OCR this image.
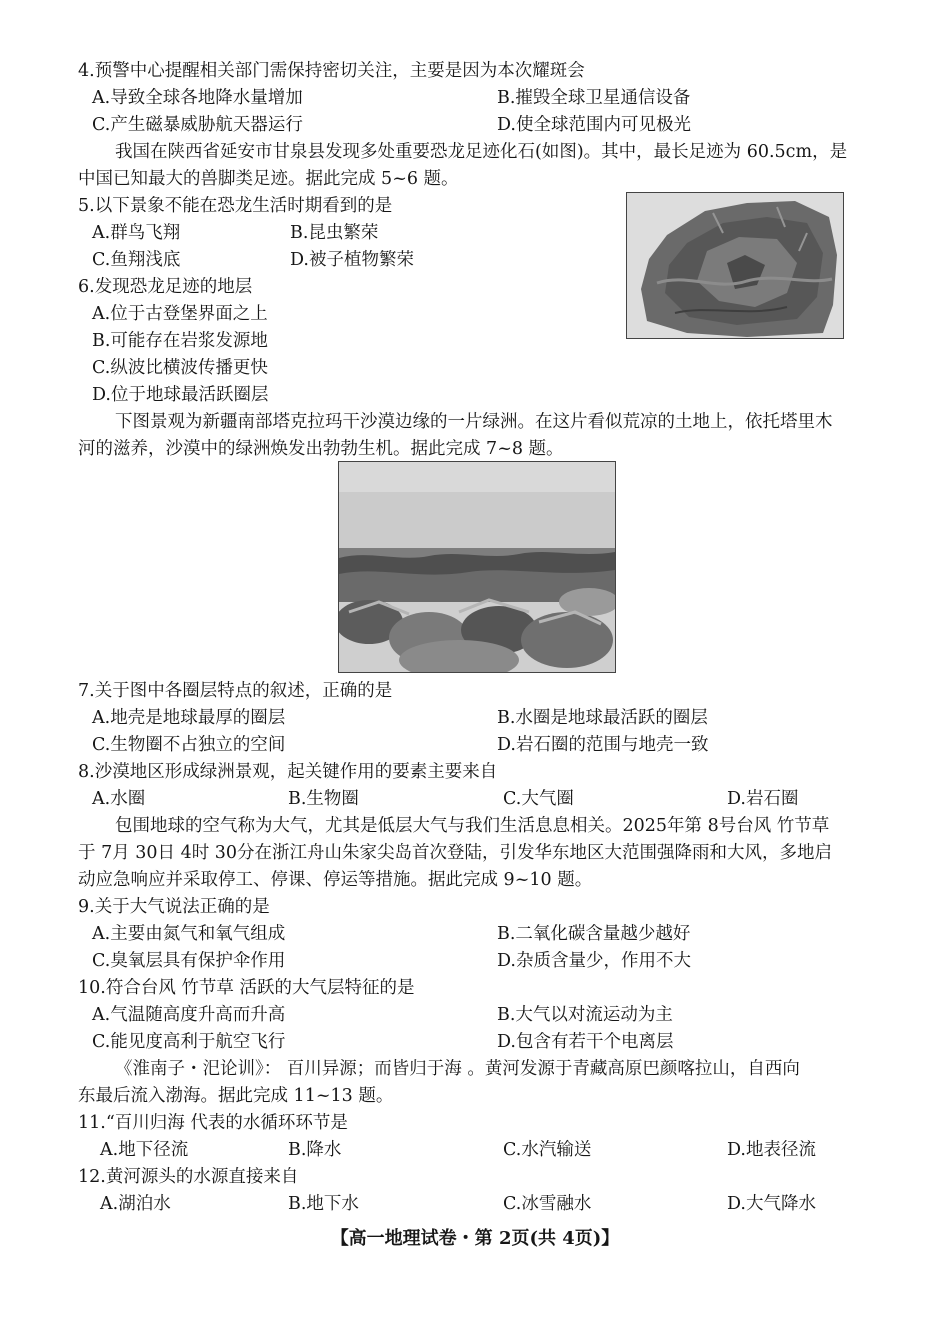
4.预警中心提醒相关部门需保持密切关注，主要是因为本次耀斑会
A.导致全球各地降水量增加	B.摧毁全球卫星通信设备
C.产生磁暴威胁航天器运行	D.使全球范围内可见极光
我国在陕西省延安市甘泉县发现多处重要恐龙足迹化石(如图)。其中，最长足迹为 60.5cm，是
中国已知最大的兽脚类足迹。据此完成 5~6 题。
5.以下景象不能在恐龙生活时期看到的是
A.群鸟飞翔	B.昆虫繁荣
C.鱼翔浅底	D.被子植物繁荣
6.发现恐龙足迹的地层
A.位于古登堡界面之上
B.可能存在岩浆发源地
C.纵波比横波传播更快
D.位于地球最活跃圈层
下图景观为新疆南部塔克拉玛干沙漠边缘的一片绿洲。在这片看似荒凉的土地上，依托塔里木
河的滋养，沙漠中的绿洲焕发出勃勃生机。据此完成 7~8 题。
7.关于图中各圈层特点的叙述，正确的是
A.地壳是地球最厚的圈层	B.水圈是地球最活跃的圈层
C.生物圈不占独立的空间	D.岩石圈的范围与地壳一致
8.沙漠地区形成绿洲景观，起关键作用的要素主要来自
A.水圈	B.生物圈	C.大气圈	D.岩石圈
包围地球的空气称为大气，尤其是低层大气与我们生活息息相关。2025年第 8号台风 竹节草
于 7月 30日 4时 30分在浙江舟山朱家尖岛首次登陆，引发华东地区大范围强降雨和大风，多地启
动应急响应并采取停工、停课、停运等措施。据此完成 9~10 题。
9.关于大气说法正确的是
A.主要由氮气和氧气组成	B.二氧化碳含量越少越好
C.臭氧层具有保护伞作用	D.杂质含量少，作用不大
10.符合台风 竹节草 活跃的大气层特征的是
A.气温随高度升高而升高	B.大气以对流运动为主
C.能见度高利于航空飞行	D.包含有若干个电离层
《淮南子・汜论训》： 百川异源；而皆归于海 。黄河发源于青藏高原巴颜喀拉山，自西向
东最后流入渤海。据此完成 11~13 题。
11.“百川归海 代表的水循环环节是
A.地下径流	B.降水	C.水汽输送	D.地表径流
12.黄河源头的水源直接来自
A.湖泊水	B.地下水	C.冰雪融水	D.大气降水
【高一地理试卷・第 2页(共 4页)】
